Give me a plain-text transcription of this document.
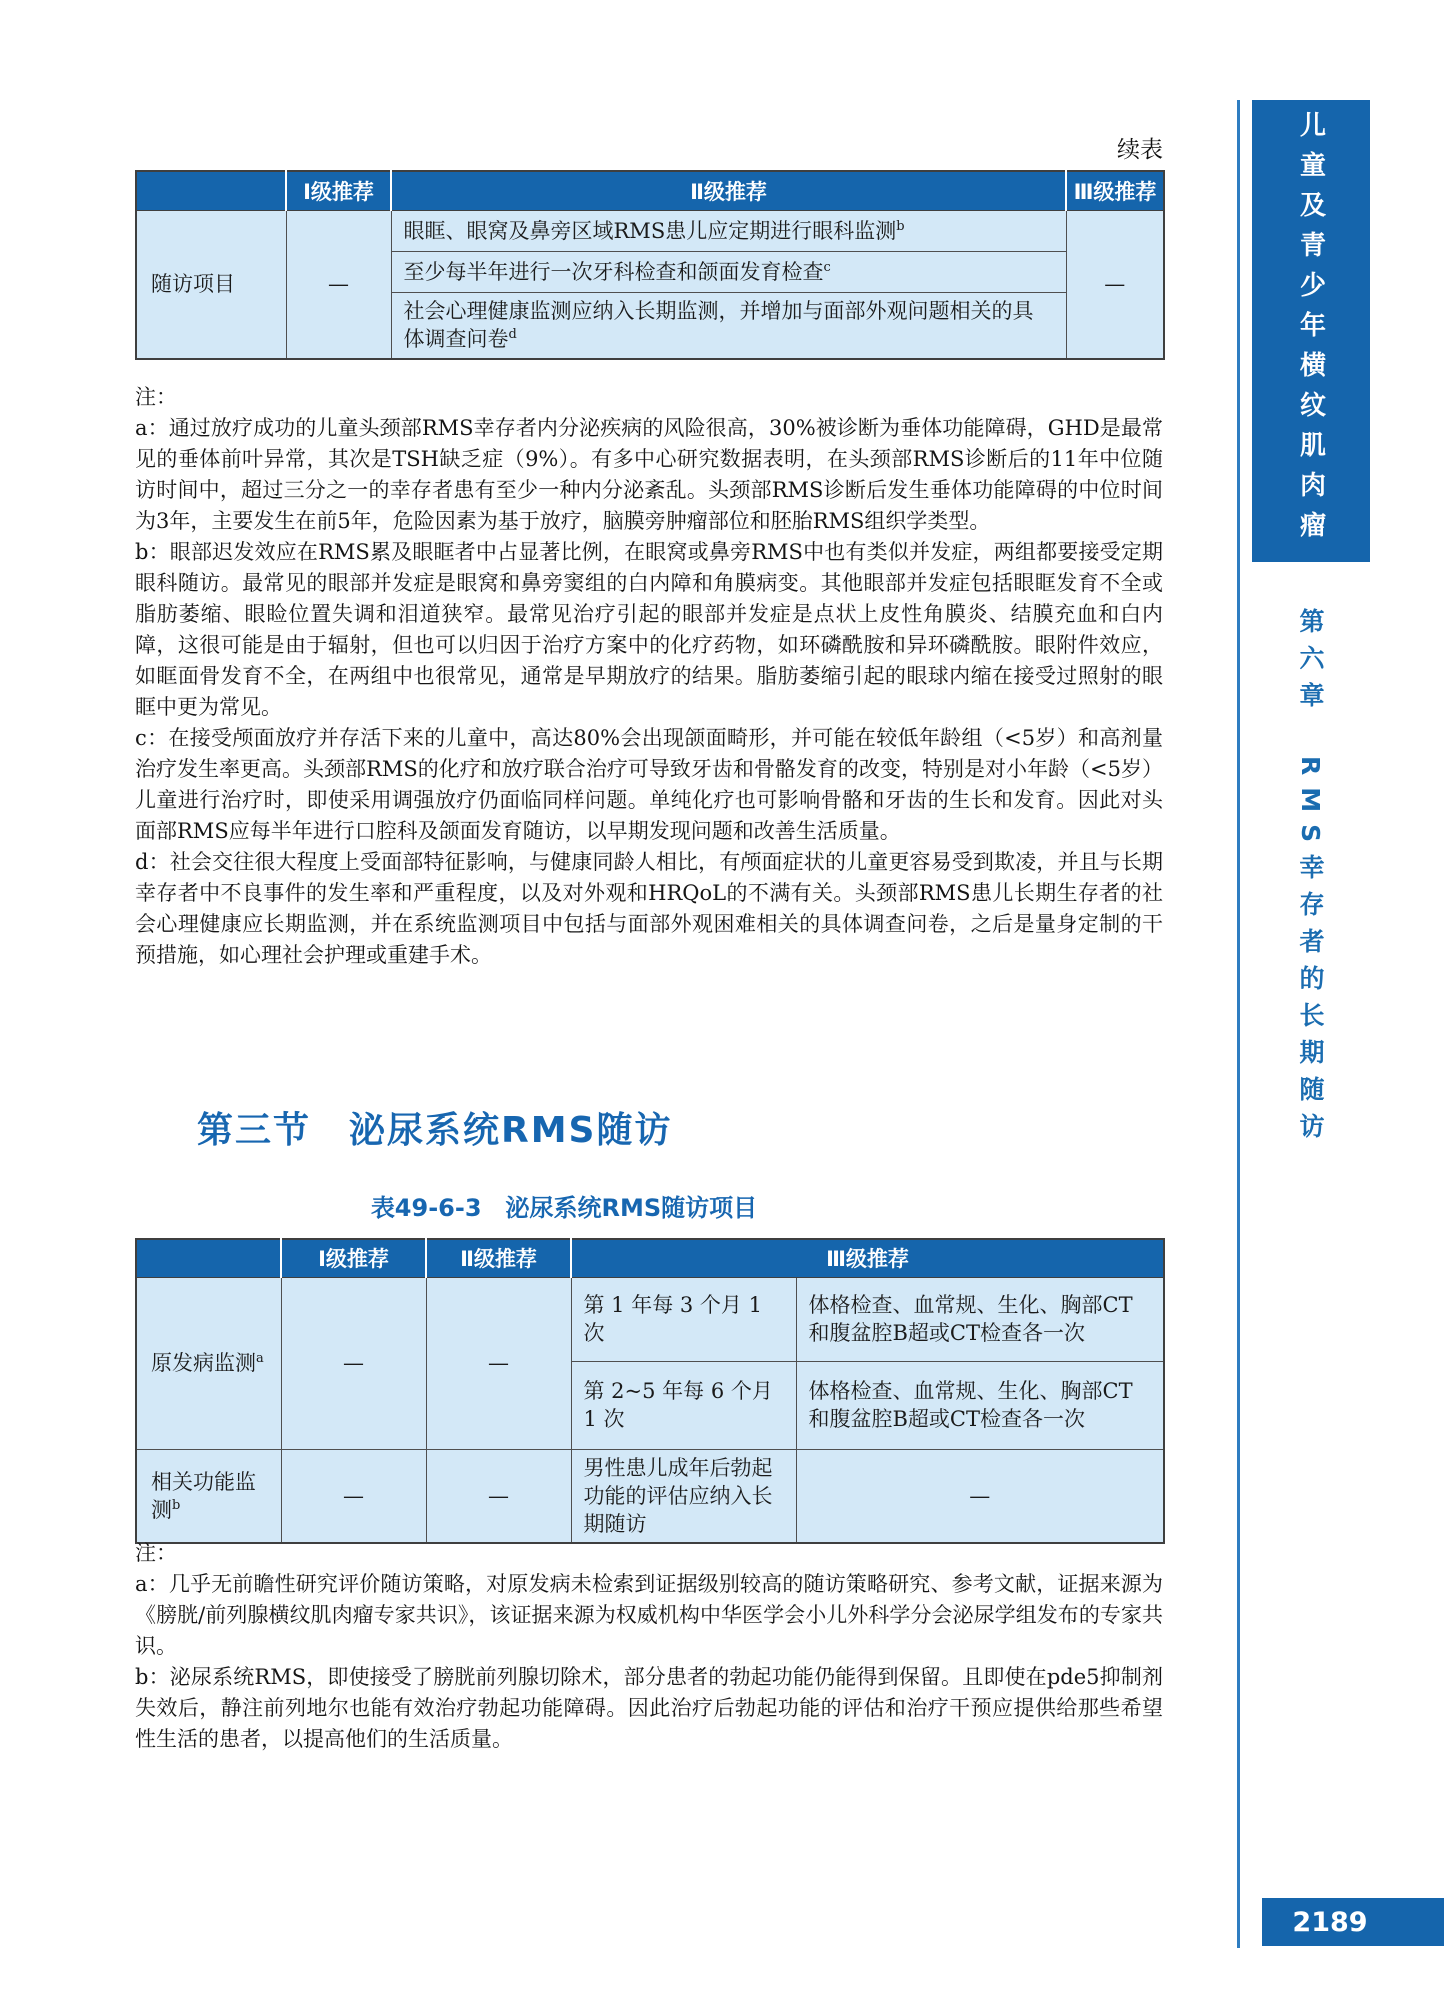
续表
	Ⅰ级推荐	Ⅱ级推荐	Ⅲ级推荐
随访项目	—	眼眶、眼窝及鼻旁区域RMS患儿应定期进行眼科监测$^b$	—
		至少每半年进行一次牙科检查和颌面发育检查$^c$
		社会心理健康监测应纳入长期监测，并增加与面部外观问题相关的具体调查问卷$^d$

注：

a：通过放疗成功的儿童头颈部RMS幸存者内分泌疾病的风险很高，30%被诊断为垂体功能障碍，GHD是最常见的垂体前叶异常，其次是TSH缺乏症（9%）。有多中心研究数据表明，在头颈部RMS诊断后的11年中位随访时间中，超过三分之一的幸存者患有至少一种内分泌紊乱。头颈部RMS诊断后发生垂体功能障碍的中位时间为3年，主要发生在前5年，危险因素为基于放疗，脑膜旁肿瘤部位和胚胎RMS组织学类型。

b：眼部迟发效应在RMS累及眼眶者中占显著比例，在眼窝或鼻旁RMS中也有类似并发症，两组都要接受定期眼科随访。最常见的眼部并发症是眼窝和鼻旁窦组的白内障和角膜病变。其他眼部并发症包括眼眶发育不全或脂肪萎缩、眼睑位置失调和泪道狭窄。最常见治疗引起的眼部并发症是点状上皮性角膜炎、结膜充血和白内障，这很可能是由于辐射，但也可以归因于治疗方案中的化疗药物，如环磷酰胺和异环磷酰胺。眼附件效应，如眶面骨发育不全，在两组中也很常见，通常是早期放疗的结果。脂肪萎缩引起的眼球内缩在接受过照射的眼眶中更为常见。

c：在接受颅面放疗并存活下来的儿童中，高达80%会出现颌面畸形，并可能在较低年龄组（<5岁）和高剂量治疗发生率更高。头颈部RMS的化疗和放疗联合治疗可导致牙齿和骨骼发育的改变，特别是对小年龄（<5岁）儿童进行治疗时，即使采用调强放疗仍面临同样问题。单纯化疗也可影响骨骼和牙齿的生长和发育。因此对头面部RMS应每半年进行口腔科及颌面发育随访，以早期发现问题和改善生活质量。

d：社会交往很大程度上受面部特征影响，与健康同龄人相比，有颅面症状的儿童更容易受到欺凌，并且与长期幸存者中不良事件的发生率和严重程度，以及对外观和HRQoL的不满有关。头颈部RMS患儿长期生存者的社会心理健康应长期监测，并在系统监测项目中包括与面部外观困难相关的具体调查问卷，之后是量身定制的干预措施，如心理社会护理或重建手术。

第三节　泌尿系统RMS随访
表49-6-3　泌尿系统RMS随访项目
	Ⅰ级推荐	Ⅱ级推荐	Ⅲ级推荐	
原发病监测$^a$	—	—	第 1 年每 3 个月 1 次	体格检查、血常规、生化、胸部CT和腹盆腔B超或CT检查各一次
			第 2~5 年每 6 个月 1 次	体格检查、血常规、生化、胸部CT和腹盆腔B超或CT检查各一次
相关功能监测$^b$	—	—	男性患儿成年后勃起功能的评估应纳入长期随访	—

注：

a：几乎无前瞻性研究评价随访策略，对原发病未检索到证据级别较高的随访策略研究、参考文献，证据来源为《膀胱/前列腺横纹肌肉瘤专家共识》，该证据来源为权威机构中华医学会小儿外科学分会泌尿学组发布的专家共识。

b：泌尿系统RMS，即使接受了膀胱前列腺切除术，部分患者的勃起功能仍能得到保留。且即使在pde5抑制剂失效后，静注前列地尔也能有效治疗勃起功能障碍。因此治疗后勃起功能的评估和治疗干预应提供给那些希望性生活的患者，以提高他们的生活质量。

儿童及青少年横纹肌肉瘤
第六章　RMS幸存者的长期随访
2189
